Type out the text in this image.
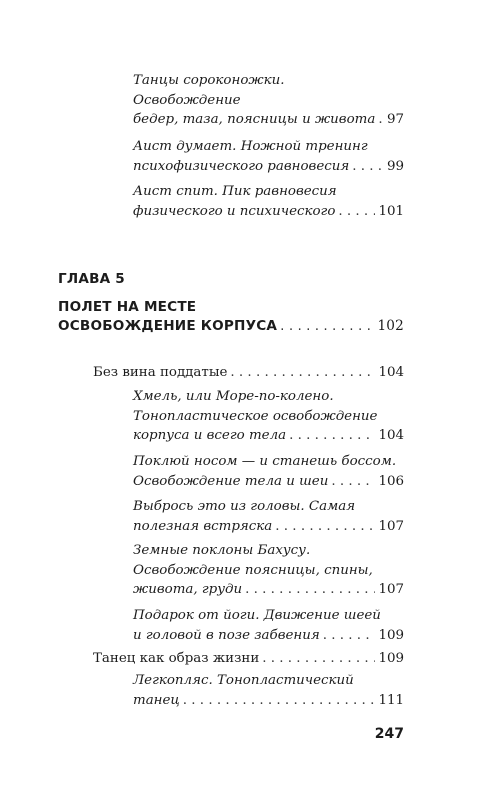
Танцы сороконожки.
Освобождение
бедер, таза, поясницы и живота . . . 97
Аист думает. Ножной тренинг
психофизического равновесия . . .	99
Аист спит. Пик равновесия
физического и психического . . .	101
ГЛАВА 5
ПОЛЕТ НА МЕСТЕ
ОСВОБОЖДЕНИЕ КОРПУСА . . .	102
Без вина поддатые . . .	104
Хмель, или Море-по-колено.
Тонопластическое освобождение
корпуса и всего тела . . .	104
Поклюй носом — и станешь боссом.
Освобождение тела и шеи . . .	106
Выбрось это из головы. Самая
полезная встряска . . .	107
Земные поклоны Бахусу.
Освобождение поясницы, спины,
живота, груди . . .	107
Подарок от йоги. Движение шеей
и головой в позе забвения . . .	109
Танец как образ жизни . . .	109
Легкопляс. Тонопластический
танец . . .	111
247
